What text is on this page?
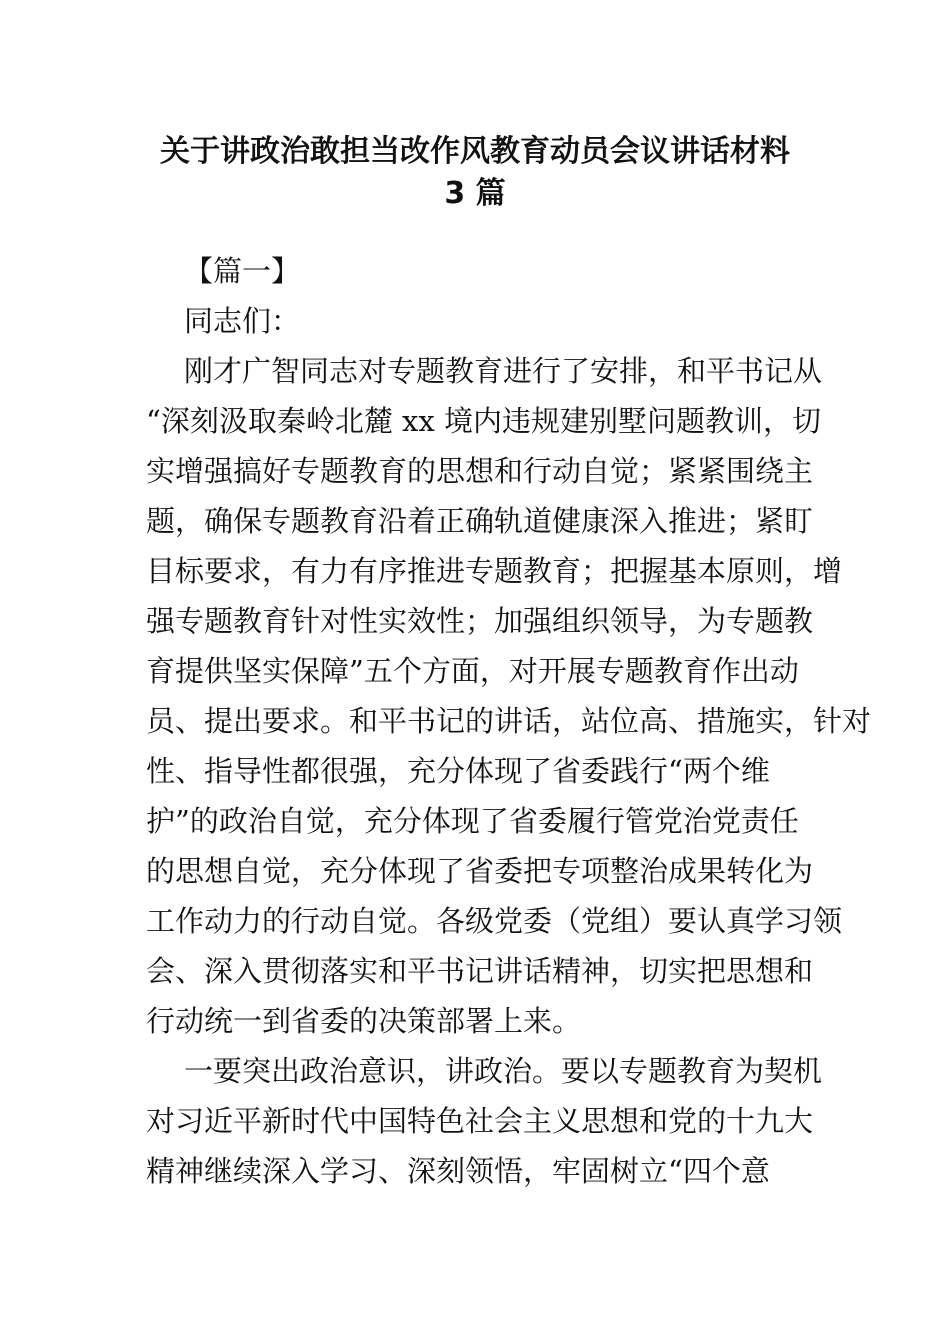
关于讲政治敢担当改作风教育动员会议讲话材料
3 篇
【篇一】
同志们：
刚才广智同志对专题教育进行了安排，和平书记从
“深刻汲取秦岭北麓 xx 境内违规建别墅问题教训，切
实增强搞好专题教育的思想和行动自觉；紧紧围绕主
题，确保专题教育沿着正确轨道健康深入推进；紧盯
目标要求，有力有序推进专题教育；把握基本原则，增
强专题教育针对性实效性；加强组织领导，为专题教
育提供坚实保障”五个方面，对开展专题教育作出动
员、提出要求。和平书记的讲话，站位高、措施实，针对
性、指导性都很强，充分体现了省委践行“两个维
护”的政治自觉，充分体现了省委履行管党治党责任
的思想自觉，充分体现了省委把专项整治成果转化为
工作动力的行动自觉。各级党委（党组）要认真学习领
会、深入贯彻落实和平书记讲话精神，切实把思想和
行动统一到省委的决策部署上来。
一要突出政治意识，讲政治。要以专题教育为契机
对习近平新时代中国特色社会主义思想和党的十九大
精神继续深入学习、深刻领悟，牢固树立“四个意
